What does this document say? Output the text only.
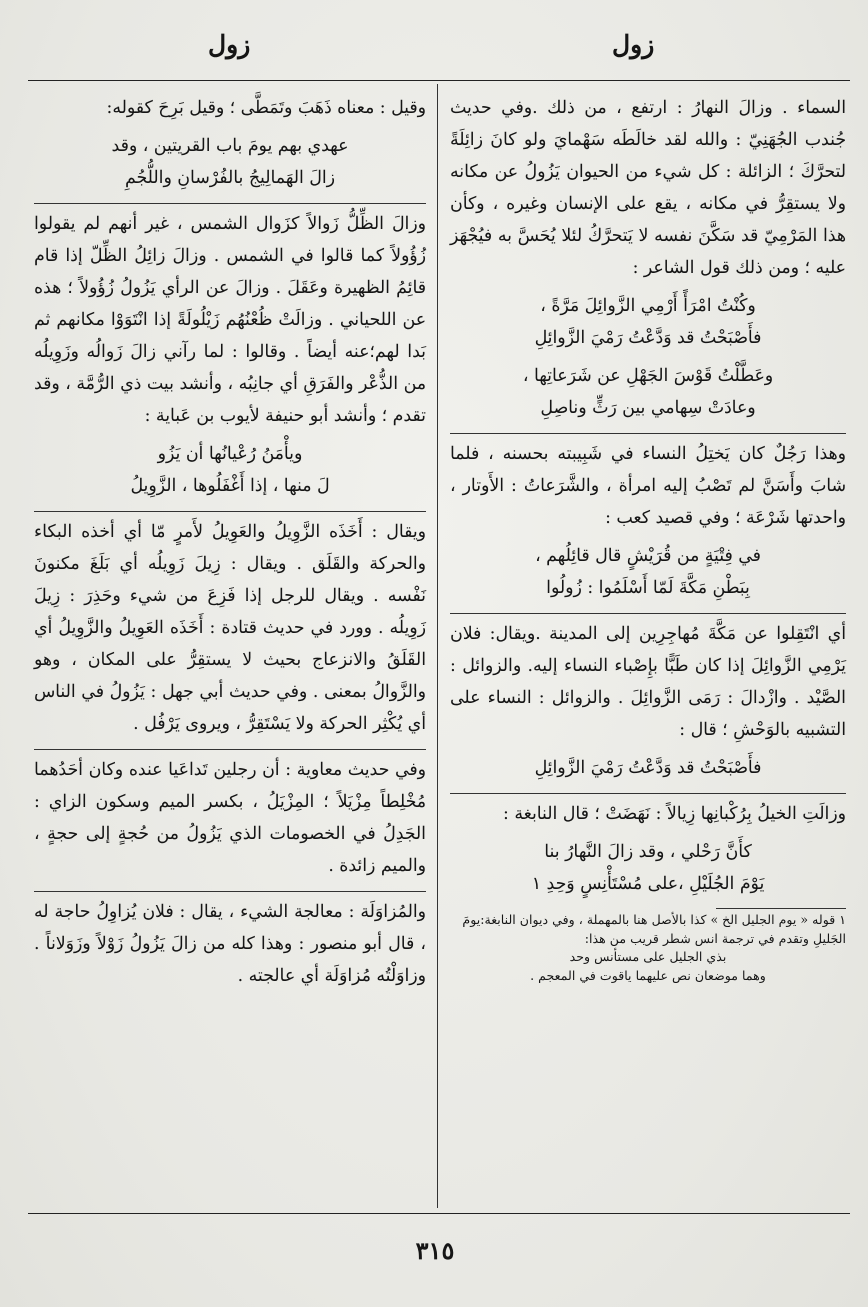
زول
زول

السماء . وزالَ النهارُ : ارتفع ، من ذلك .وفي حديث جُندب الجُهَنِيّ : والله لقد خالَطَه سَهْمايَ ولو كانَ زائِلَةً لتحرَّكَ ؛ الزائلة : كل شيء من الحيوان يَزُولُ عن مكانه ولا يستقِرُّ في مكانه ، يقع على الإنسان وغيره ، وكأن هذا المَرْمِيّ قد سَكَّنَ نفسه لا يَتحرَّكُ لئلا يُحَسَّ به فيُجْهَز عليه ؛ ومن ذلك قول الشاعر :

وكُنْتُ امْرَأً أَرْمِي الزَّوائِلَ مَرَّةً ،
فأَصْبَحْتُ قد وَدَّعْتُ رَمْيَ الزَّوائِلِ
وعَطَّلْتُ قَوْسَ الجَهْلِ عن شَرَعاتِها ،
وعادَتْ سِهامي بين رَثٍّ وناصِلِ

وهذا رَجُلٌ كان يَختِلُ النساء في شَبِيبته بحسنه ، فلما شابَ وأَسَنَّ لم تَصْبُ إليه امرأة ، والشَّرَعاتُ : الأَوتار ، واحدتها شَرْعَة ؛ وفي قصيد كعب :

في فِتْيَةٍ من قُرَيْشٍ قال قائِلُهم ،
بِبَطْنِ مَكَّةَ لَمّا أَسْلَمُوا : زُولُوا

أي انْتَقِلوا عن مَكَّةَ مُهاجِرِين إلى المدينة .ويقال: فلان يَرْمِي الزَّوائِلَ إذا كان طَبًّا بإِصْباء النساء إليه. والزوائل : الصَّيْد . وازْدالَ : رَمَى الزَّوائِلَ . والزوائل : النساء على التشبيه بالوَحْشِ ؛ قال :

فأَصْبَحْتُ قد وَدَّعْتُ رَمْيَ الزَّوائِلِ

وزالَتِ الخيلُ بِرُكْبانِها زِيالاً : نَهَضَتْ ؛ قال النابغة :

كأَنَّ رَحْلي ، وقد زالَ النَّهارُ بنا
يَوْمَ الجُلَيْلِ ،على مُسْتَأْنِسٍ وَحِدِ ١
١ قوله « يوم الجليل الخ » كذا بالأصل هنا بالمهملة ، وفي ديوان النابغة:يومَ الجَليلِ وتقدم في ترجمة انس شطر قريب من هذا:
بذي الجليل على مستأنس وحد
وهما موضعان نص عليهما ياقوت في المعجم .

وقيل : معناه ذَهَبَ وتَمَطَّى ؛ وقيل بَرِحَ كقوله:

عهدي بهم يومَ باب القريتين ، وقد
زالَ الهَمالِيجُ بالفُرْسانِ واللُّجُمِ

وزالَ الظِّلُّ زَوالاً كزَوال الشمس ، غير أنهم لم يقولوا زُؤُولاً كما قالوا في الشمس . وزالَ زائِلُ الظِّلّ إذا قام قائِمُ الظهيرة وعَقَلَ . وزالَ عن الرأي يَزُولُ زُؤُولاً ؛ هذه عن اللحياني . وزالَتْ ظُعْنُهُم زَيْلُولَةً إذا انْتَوَوْا مكانهم ثم بَدا لهم؛عنه أيضاً . وقالوا : لما رآني زالَ زَوالُه وزَوِيلُه من الذُّعْر والفَرَقِ أي جانِبُه ، وأنشد بيت ذي الرُّمَّة ، وقد تقدم ؛ وأنشد أبو حنيفة لأيوب بن عَباية :

ويأْمَنُ رُعْيانُها أن يَزُو
لَ منها ، إذا أَغْفَلُوها ، الزَّوِيلُ

ويقال : أَخَذَه الزَّوِيلُ والعَوِيلُ لأَمرٍ مّا أي أخذه البكاء والحركة والقَلَق . ويقال : زِيلَ زَوِيلُه أي بَلَغَ مكنونَ نَفْسه . ويقال للرجل إذا فَزِعَ من شيء وحَذِرَ : زِيلَ زَوِيلُه . وورد في حديث قتادة : أَخَذَه العَوِيلُ والزَّوِيلُ أي القَلَقُ والانزعاج بحيث لا يستقِرُّ على المكان ، وهو والزَّوالُ بمعنى . وفي حديث أبي جهل : يَزُولُ في الناس أي يُكْثِر الحركة ولا يَسْتَقِرُّ ، ويروى يَرْفُل .

وفي حديث معاوية : أن رجلين تَداعَيا عنده وكان أحَدُهما مُخْلِطاً مِزْيَلاً ؛ المِزْيَلُ ، بكسر الميم وسكون الزاي : الجَدِلُ في الخصومات الذي يَزُولُ من حُجةٍ إلى حجةٍ ، والميم زائدة .

والمُزاوَلَة : معالجة الشيء ، يقال : فلان يُزاوِلُ حاجة له ، قال أبو منصور : وهذا كله من زالَ يَزُولُ زَوْلاً وزَوَلاناً . وزاوَلْتُه مُزاوَلَة أي عالجته .

٣١٥
